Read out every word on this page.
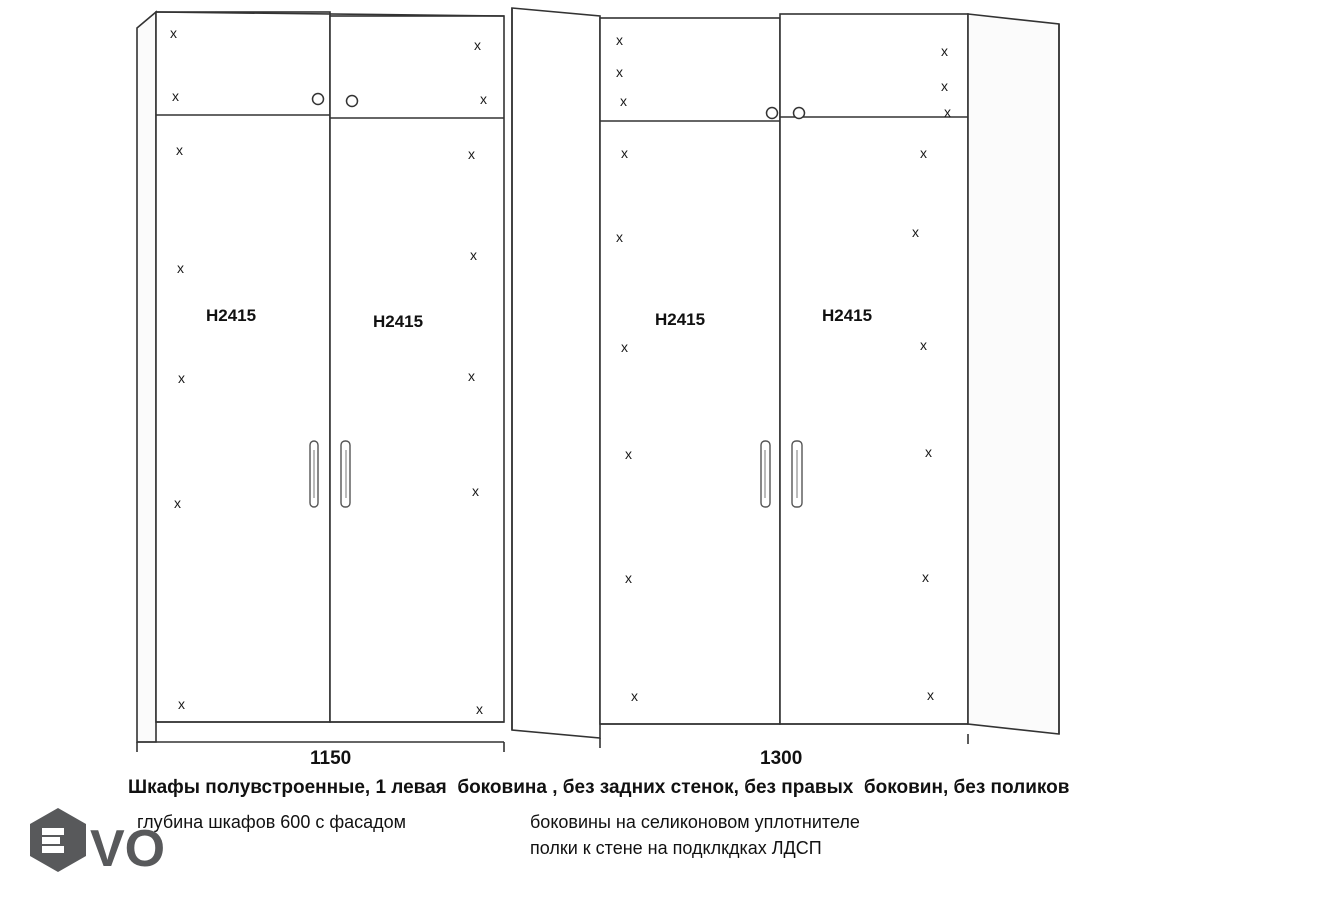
x
x
x
x
x
x
x
x
x
x
x
x
x
x
x
x
x
x
x
x
x
x
x
x
x
x
x
x
x
x
x
x
H2415	H2415	H2415	H2415
1150	1300
Шкафы полувстроенные, 1 левая  боковина , без задних стенок, без правых  боковин, без поликов
глубина шкафов 600 с фасадом	боковины на селиконовом уплотнителе
полки к стене на подклкдках ЛДСП
VO
